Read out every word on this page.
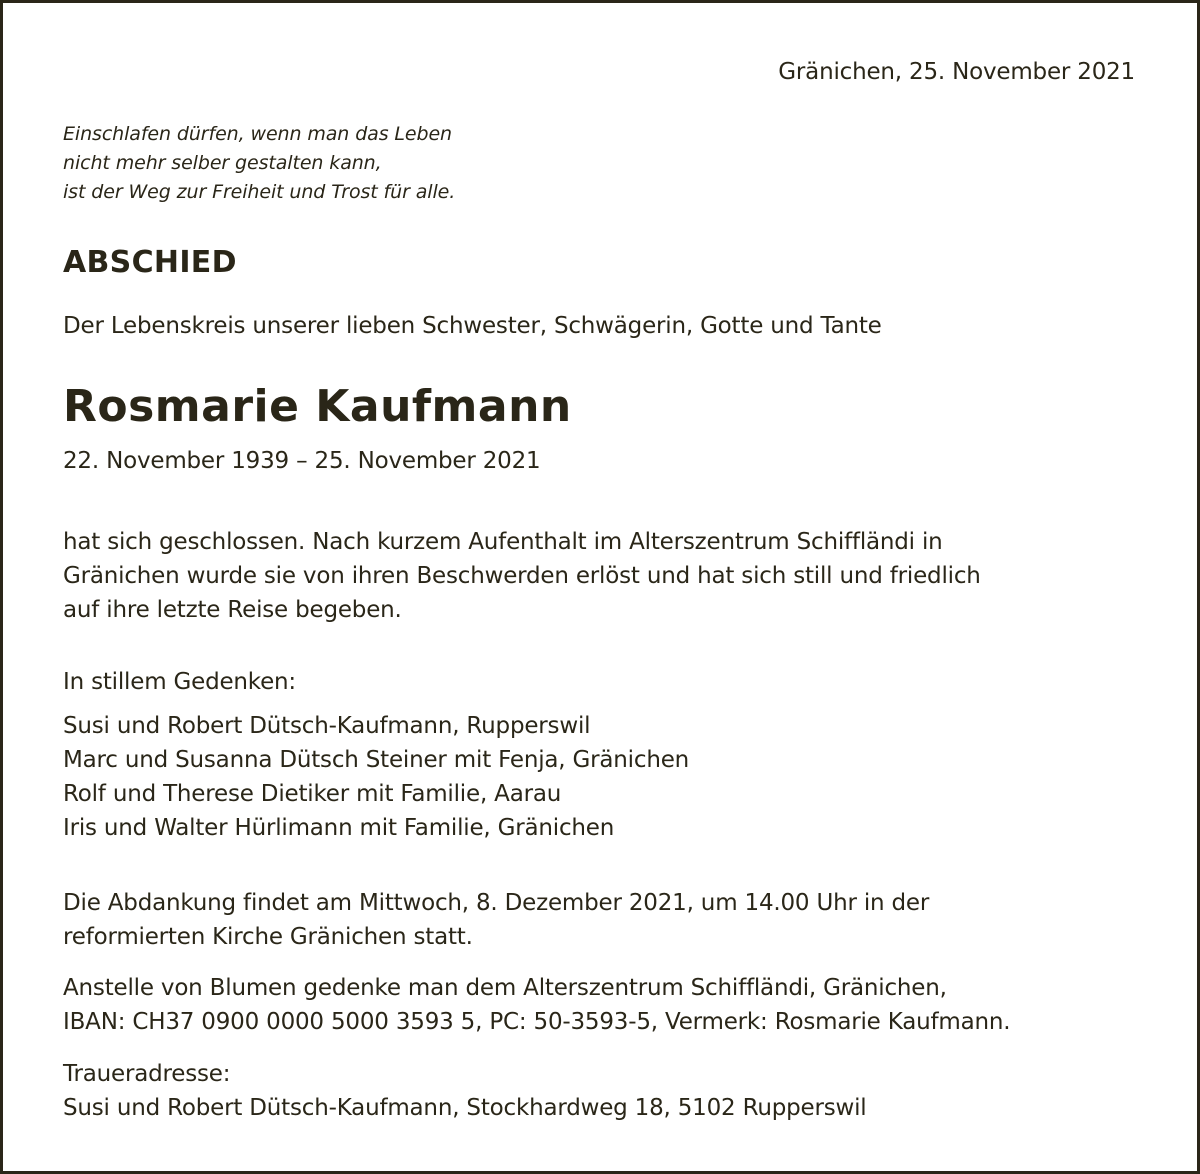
Gränichen, 25. November 2021

Einschlafen dürfen, wenn man das Leben

nicht mehr selber gestalten kann,

ist der Weg zur Freiheit und Trost für alle.

ABSCHIED

Der Lebenskreis unserer lieben Schwester, Schwägerin, Gotte und Tante

Rosmarie Kaufmann

22. November 1939 – 25. November 2021

hat sich geschlossen. Nach kurzem Aufenthalt im Alterszentrum Schiffländi in

Gränichen wurde sie von ihren Beschwerden erlöst und hat sich still und friedlich

auf ihre letzte Reise begeben.

In stillem Gedenken:

Susi und Robert Dütsch-Kaufmann, Rupperswil

Marc und Susanna Dütsch Steiner mit Fenja, Gränichen

Rolf und Therese Dietiker mit Familie, Aarau

Iris und Walter Hürlimann mit Familie, Gränichen

Die Abdankung findet am Mittwoch, 8. Dezember 2021, um 14.00 Uhr in der

reformierten Kirche Gränichen statt.

Anstelle von Blumen gedenke man dem Alterszentrum Schiffländi, Gränichen,

IBAN: CH37 0900 0000 5000 3593 5, PC: 50-3593-5, Vermerk: Rosmarie Kaufmann.

Traueradresse:

Susi und Robert Dütsch-Kaufmann, Stockhardweg 18, 5102 Rupperswil
